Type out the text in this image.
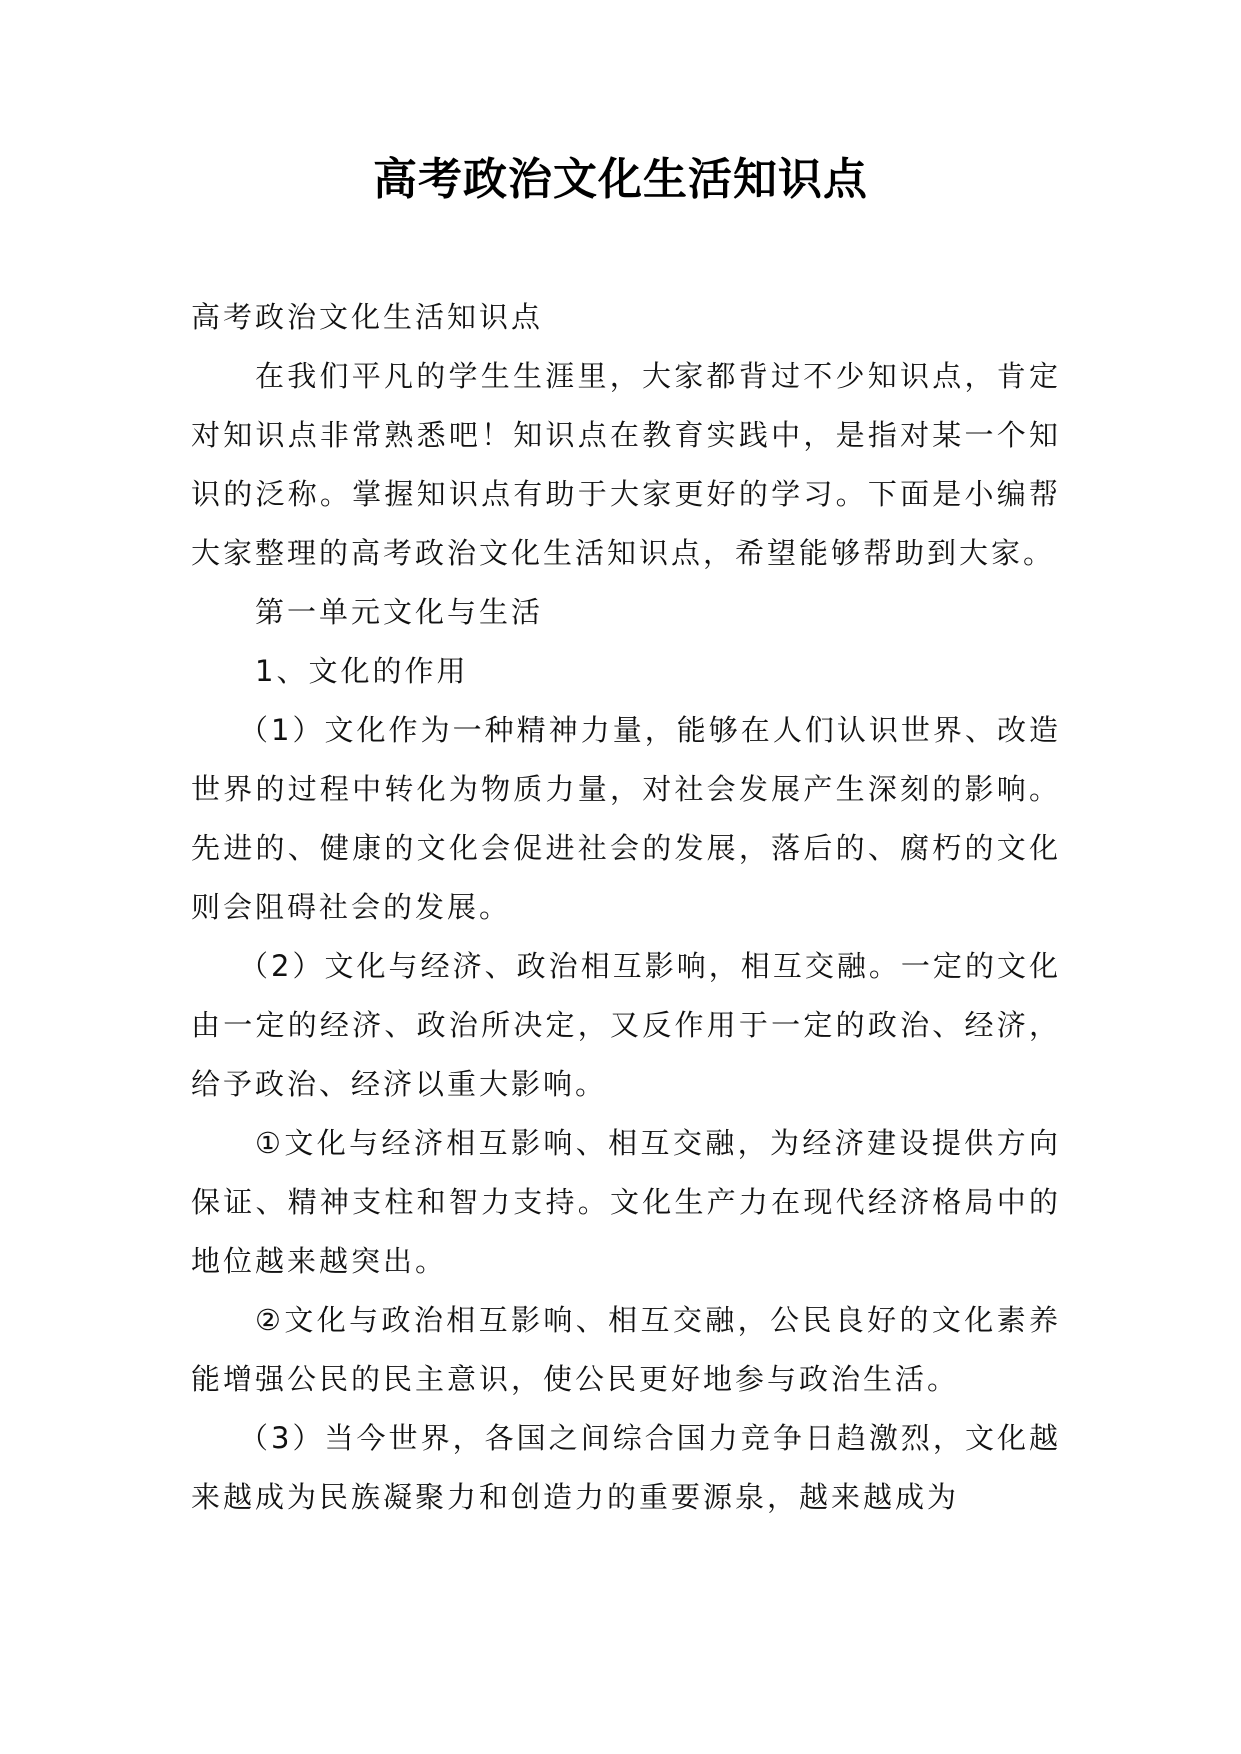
高考政治文化生活知识点

高考政治文化生活知识点

在我们平凡的学生生涯里，大家都背过不少知识点，肯定对知识点非常熟悉吧！知识点在教育实践中，是指对某一个知识的泛称。掌握知识点有助于大家更好的学习。下面是小编帮大家整理的高考政治文化生活知识点，希望能够帮助到大家。

第一单元文化与生活

1、文化的作用

（1）文化作为一种精神力量，能够在人们认识世界、改造世界的过程中转化为物质力量，对社会发展产生深刻的影响。先进的、健康的文化会促进社会的发展，落后的、腐朽的文化则会阻碍社会的发展。

（2）文化与经济、政治相互影响，相互交融。一定的文化由一定的经济、政治所决定，又反作用于一定的政治、经济，给予政治、经济以重大影响。

①文化与经济相互影响、相互交融，为经济建设提供方向保证、精神支柱和智力支持。文化生产力在现代经济格局中的地位越来越突出。

②文化与政治相互影响、相互交融，公民良好的文化素养能增强公民的民主意识，使公民更好地参与政治生活。

（3）当今世界，各国之间综合国力竞争日趋激烈，文化越来越成为民族凝聚力和创造力的重要源泉，越来越成为
